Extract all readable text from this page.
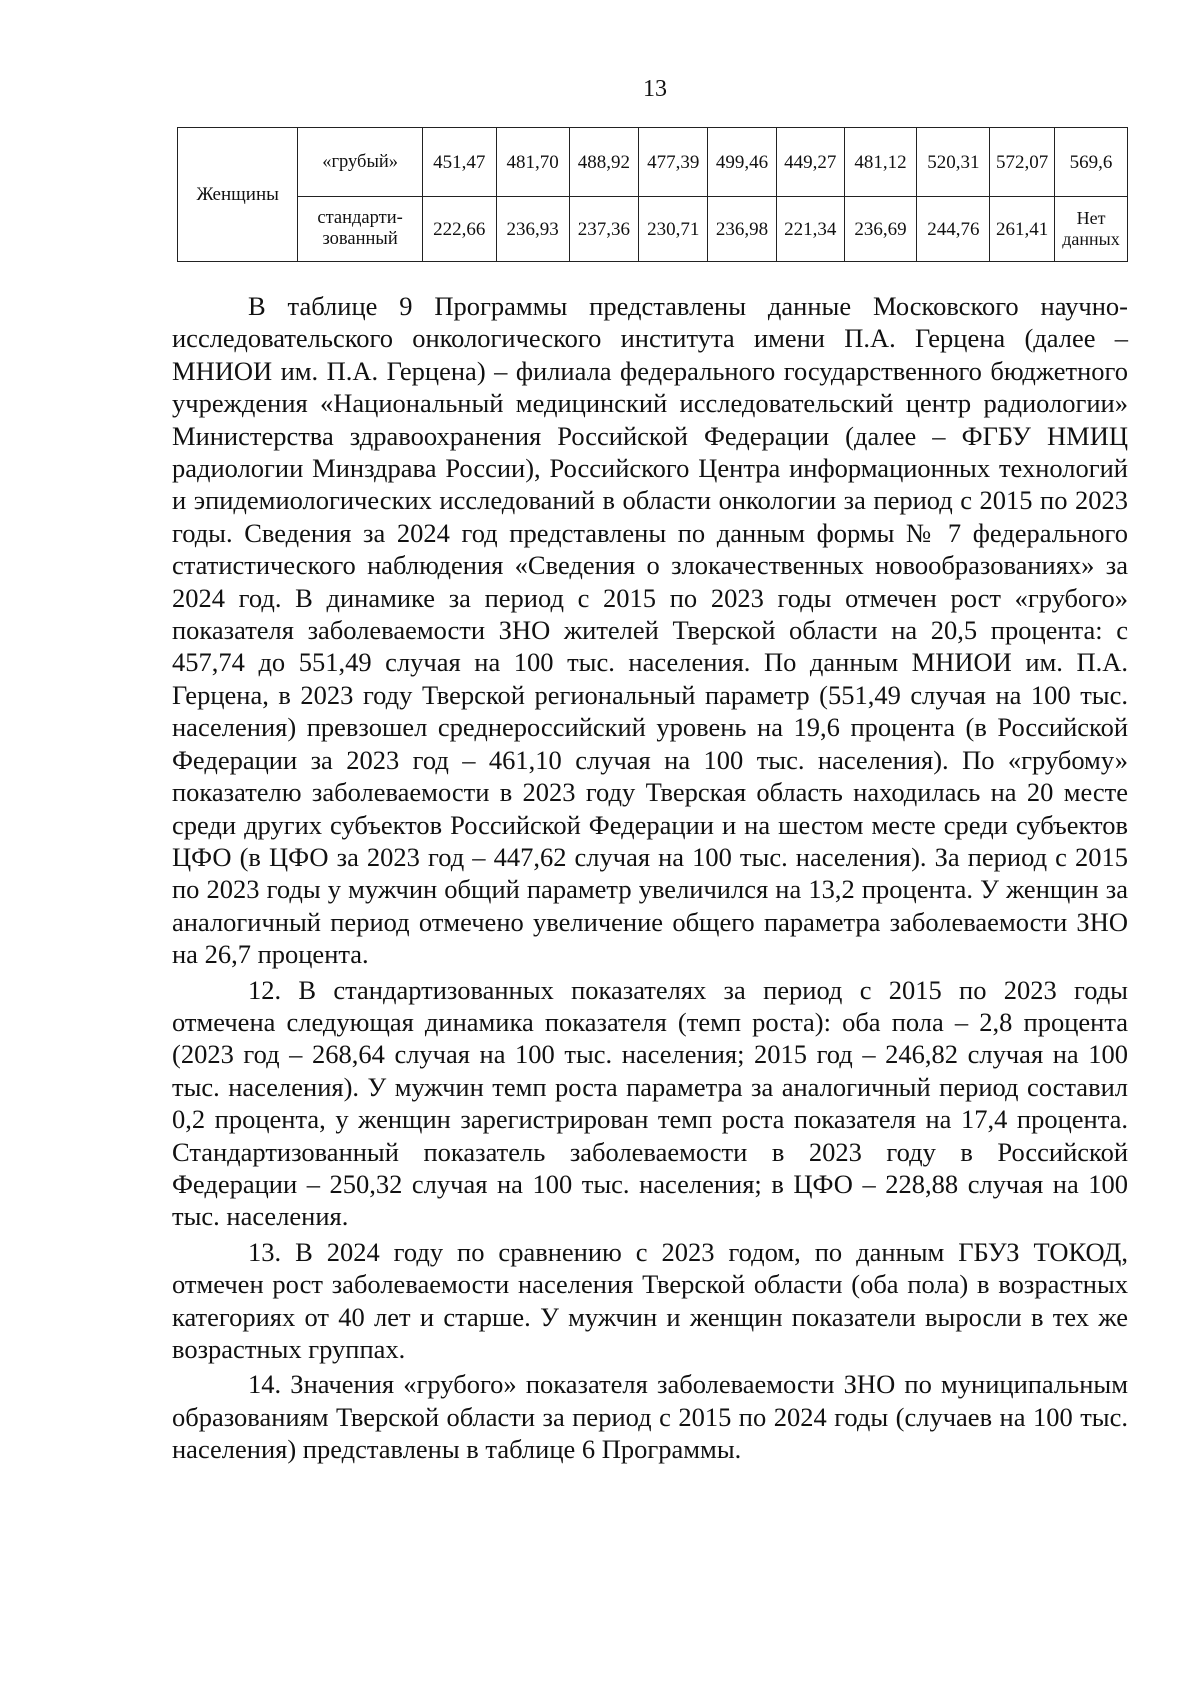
13
Женщины	«грубый»	451,47	481,70	488,92	477,39	499,46	449,27	481,12	520,31	572,07	569,6
	стандарти-зованный	222,66	236,93	237,36	230,71	236,98	221,34	236,69	244,76	261,41	Нет данных

В таблице 9 Программы представлены данные Московского научно-исследовательского онкологического института имени П.А. Герцена (далее – МНИОИ им. П.А. Герцена) – филиала федерального государственного бюджетного учреждения «Национальный медицинский исследовательский центр радиологии» Министерства здравоохранения Российской Федерации (далее – ФГБУ НМИЦ радиологии Минздрава России), Российского Центра информационных технологий и эпидемиологических исследований в области онкологии за период с 2015 по 2023 годы. Сведения за 2024 год представлены по данным формы № 7 федерального статистического наблюдения «Сведения о злокачественных новообразованиях» за 2024 год. В динамике за период с 2015 по 2023 годы отмечен рост «грубого» показателя заболеваемости ЗНО жителей Тверской области на 20,5 процента: с 457,74 до 551,49 случая на 100 тыс. населения. По данным МНИОИ им. П.А. Герцена, в 2023 году Тверской региональный параметр (551,49 случая на 100 тыс. населения) превзошел среднероссийский уровень на 19,6 процента (в Российской Федерации за 2023 год – 461,10 случая на 100 тыс. населения). По «грубому» показателю заболеваемости в 2023 году Тверская область находилась на 20 месте среди других субъектов Российской Федерации и на шестом месте среди субъектов ЦФО (в ЦФО за 2023 год – 447,62 случая на 100 тыс. населения). За период с 2015 по 2023 годы у мужчин общий параметр увеличился на 13,2 процента. У женщин за аналогичный период отмечено увеличение общего параметра заболеваемости ЗНО на 26,7 процента.

12. В стандартизованных показателях за период с 2015 по 2023 годы отмечена следующая динамика показателя (темп роста): оба пола – 2,8 процента (2023 год – 268,64 случая на 100 тыс. населения; 2015 год – 246,82 случая на 100 тыс. населения). У мужчин темп роста параметра за аналогичный период составил 0,2 процента, у женщин зарегистрирован темп роста показателя на 17,4 процента. Стандартизованный показатель заболеваемости в 2023 году в Российской Федерации – 250,32 случая на 100 тыс. населения; в ЦФО – 228,88 случая на 100 тыс. населения.

13. В 2024 году по сравнению с 2023 годом, по данным ГБУЗ ТОКОД, отмечен рост заболеваемости населения Тверской области (оба пола) в возрастных категориях от 40 лет и старше. У мужчин и женщин показатели выросли в тех же возрастных группах.

14. Значения «грубого» показателя заболеваемости ЗНО по муниципальным образованиям Тверской области за период с 2015 по 2024 годы (случаев на 100 тыс. населения) представлены в таблице 6 Программы.
